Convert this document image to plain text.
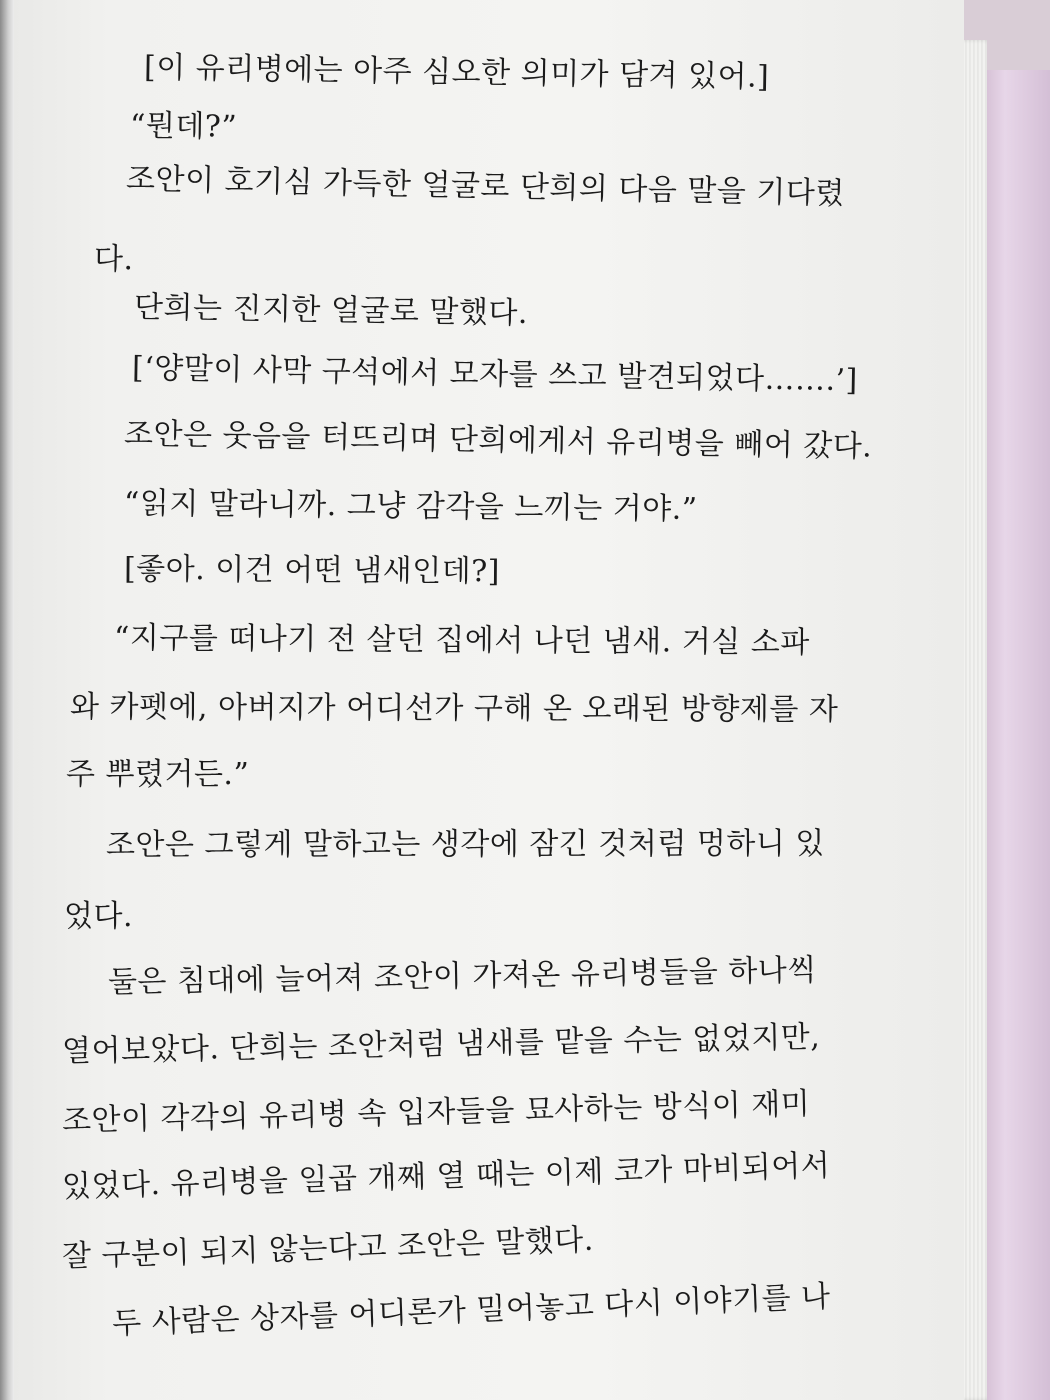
[이 유리병에는 아주 심오한 의미가 담겨 있어.]
“뭔데?”
조안이 호기심 가득한 얼굴로 단희의 다음 말을 기다렸
다.
단희는 진지한 얼굴로 말했다.
[‘양말이 사막 구석에서 모자를 쓰고 발견되었다…….’]
조안은 웃음을 터뜨리며 단희에게서 유리병을 빼어 갔다.
“읽지 말라니까. 그냥 감각을 느끼는 거야.”
[좋아. 이건 어떤 냄새인데?]
“지구를 떠나기 전 살던 집에서 나던 냄새. 거실 소파
와 카펫에, 아버지가 어디선가 구해 온 오래된 방향제를 자
주 뿌렸거든.”
조안은 그렇게 말하고는 생각에 잠긴 것처럼 멍하니 있
었다.
둘은 침대에 늘어져 조안이 가져온 유리병들을 하나씩
열어보았다. 단희는 조안처럼 냄새를 맡을 수는 없었지만,
조안이 각각의 유리병 속 입자들을 묘사하는 방식이 재미
있었다. 유리병을 일곱 개째 열 때는 이제 코가 마비되어서
잘 구분이 되지 않는다고 조안은 말했다.
두 사람은 상자를 어디론가 밀어놓고 다시 이야기를 나
